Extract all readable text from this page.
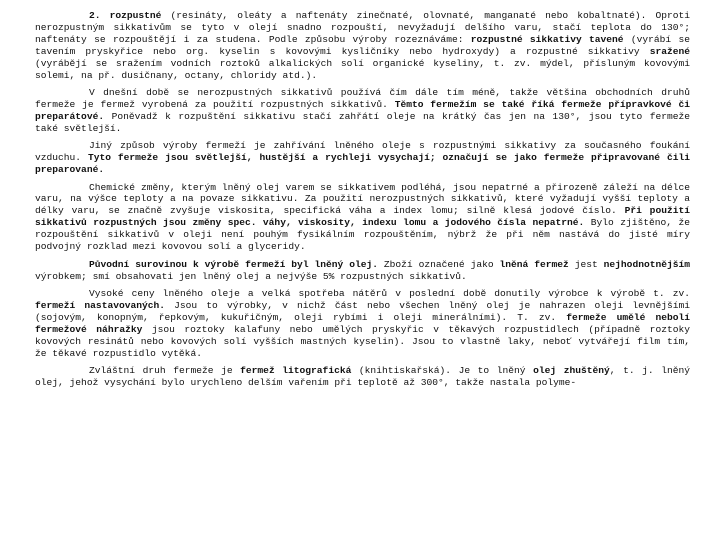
2. rozpustné (resináty, oleáty a naftenáty zinečnaté, olovnaté, manganaté nebo kobaltnaté). Oproti nerozpustným sikkativům se tyto v olejí snadno rozpouští, nevyžadují delšího varu, stačí teplota do 130°; naftenáty se rozpouštějí i za studena. Podle způsobu výroby rozeznáváme: rozpustné sikkativy tavené (vyrábí se tavením pryskyřice nebo org. kyselin s kovovými kysličníky nebo hydroxydy) a rozpustné sikkativy sražené (vyrábějí se sražením vodních roztoků alkalických solí organické kyseliny, t. zv. mýdel, přísluným kovovými solemi, na př. dusičnany, octany, chloridy atd.).

V dnešní době se nerozpustných sikkativů používá čím dále tím méně, takže většina obchodních druhů fermeže je fermež vyrobená za použití rozpustných sikkativů. Těmto fermežím se také říká fermeže přípravkové či preparátové. Poněvadž k rozpuštění sikkativu stačí zahřátí oleje na krátký čas jen na 130°, jsou tyto fermeže také světlejší.

Jiný způsob výroby fermeží je zahřívání lněného oleje s rozpustnými sikkativy za současného foukání vzduchu. Tyto fermeže jsou světlejší, hustější a rychleji vysychají; označují se jako fermeže připravované čili preparované.

Chemické změny, kterým lněný olej varem se sikkativem podléhá, jsou nepatrné a přirozeně záleží na délce varu, na výšce teploty a na povaze sikkativu. Za použití nerozpustných sikkativů, které vyžadují vyšší teploty a délky varu, se značně zvyšuje viskosita, specifická váha a index lomu; silně klesá jodové číslo. Při použití sikkativů rozpustných jsou změny spec. váhy, viskosity, indexu lomu a jodového čísla nepatrné. Bylo zjištěno, že rozpouštění sikkativů v oleji není pouhým fysikálním rozpouštěním, nýbrž že při něm nastává do jisté míry podvojný rozklad mezi kovovou solí a glyceridy.

Původní surovinou k výrobě fermeží byl lněný olej. Zboží označené jako lněná fermež jest nejhodnotnějším výrobkem; smí obsahovati jen lněný olej a nejvýše 5% rozpustných sikkativů.

Vysoké ceny lněného oleje a velká spotřeba nátěrů v poslední době donutily výrobce k výrobě t. zv. fermeží nastavovaných. Jsou to výrobky, v nichž část nebo všechen lněný olej je nahrazen oleji levnějšími (sojovým, konopným, řepkovým, kukuřičným, oleji rybími i oleji minerálními). T. zv. fermeže umělé nebolí fermežové náhražky jsou roztoky kalafuny nebo umělých pryskyřic v těkavých rozpustidlech (případně roztoky kovových resinátů nebo kovových solí vyšších mastných kyselin). Jsou to vlastně laky, neboť vytvářejí film tím, že těkavé rozpustidlo vytěká.

Zvláštní druh fermeže je fermež litografická (knihtiskařská). Je to lněný olej zhuštěný, t. j. lněný olej, jehož vysychání bylo urychleno delším vařením při teplotě až 300°, takže nastala polyme-
